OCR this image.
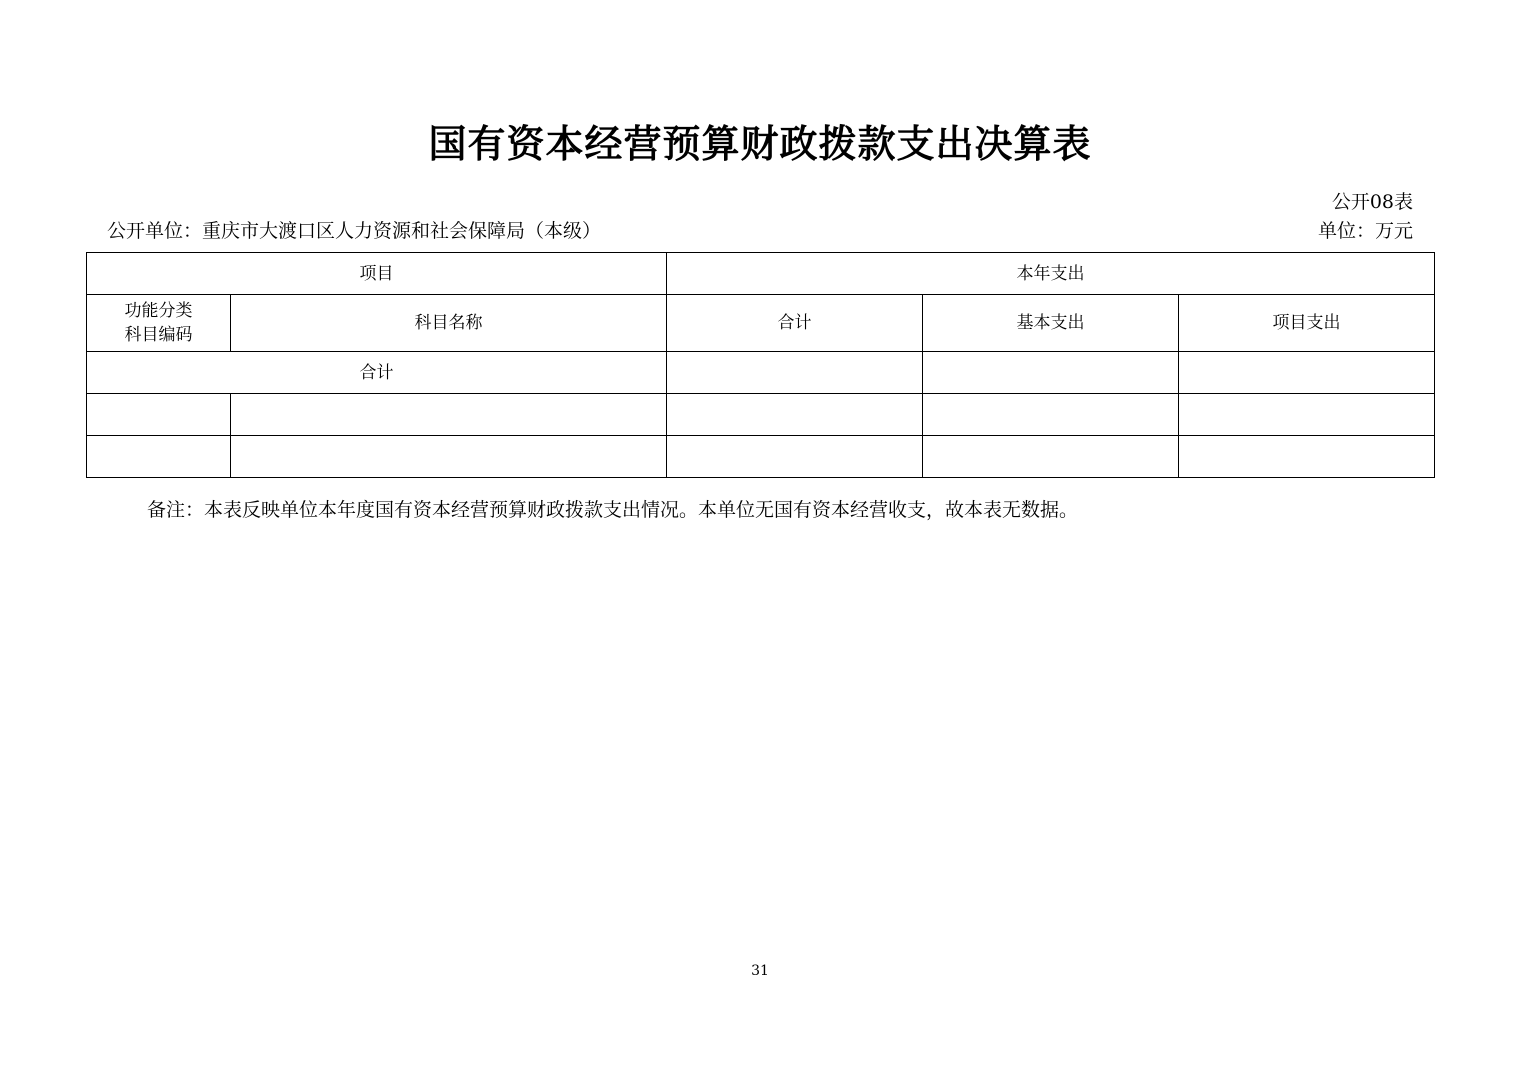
国有资本经营预算财政拨款支出决算表
公开08表
公开单位：重庆市大渡口区人力资源和社会保障局（本级）	单位：万元
项目		本年支出		

功能分类
科目编码	科目名称	合计	基本支出	项目支出
合计				

备注：本表反映单位本年度国有资本经营预算财政拨款支出情况。本单位无国有资本经营收支，故本表无数据。
31
